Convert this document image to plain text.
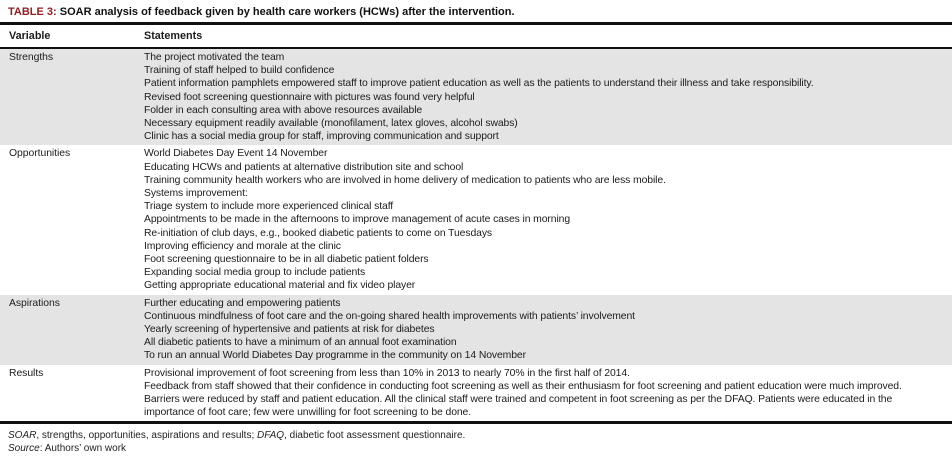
TABLE 3: SOAR analysis of feedback given by health care workers (HCWs) after the intervention.
Variable	Statements
Strengths	The project motivated the team
Training of staff helped to build confidence
Patient information pamphlets empowered staff to improve patient education as well as the patients to understand their illness and take responsibility.
Revised foot screening questionnaire with pictures was found very helpful
Folder in each consulting area with above resources available
Necessary equipment readily available (monofilament, latex gloves, alcohol swabs)
Clinic has a social media group for staff, improving communication and support
Opportunities	World Diabetes Day Event 14 November
Educating HCWs and patients at alternative distribution site and school
Training community health workers who are involved in home delivery of medication to patients who are less mobile.
Systems improvement:
Triage system to include more experienced clinical staff
Appointments to be made in the afternoons to improve management of acute cases in morning
Re-initiation of club days, e.g., booked diabetic patients to come on Tuesdays
Improving efficiency and morale at the clinic
Foot screening questionnaire to be in all diabetic patient folders
Expanding social media group to include patients
Getting appropriate educational material and fix video player
Aspirations	Further educating and empowering patients
Continuous mindfulness of foot care and the on-going shared health improvements with patients’ involvement
Yearly screening of hypertensive and patients at risk for diabetes
All diabetic patients to have a minimum of an annual foot examination
To run an annual World Diabetes Day programme in the community on 14 November
Results	Provisional improvement of foot screening from less than 10% in 2013 to nearly 70% in the first half of 2014.
Feedback from staff showed that their confidence in conducting foot screening as well as their enthusiasm for foot screening and patient education were much improved.
Barriers were reduced by staff and patient education. All the clinical staff were trained and competent in foot screening as per the DFAQ. Patients were educated in the importance of foot care; few were unwilling for foot screening to be done.
SOAR, strengths, opportunities, aspirations and results; DFAQ, diabetic foot assessment questionnaire.
Source: Authors’ own work
